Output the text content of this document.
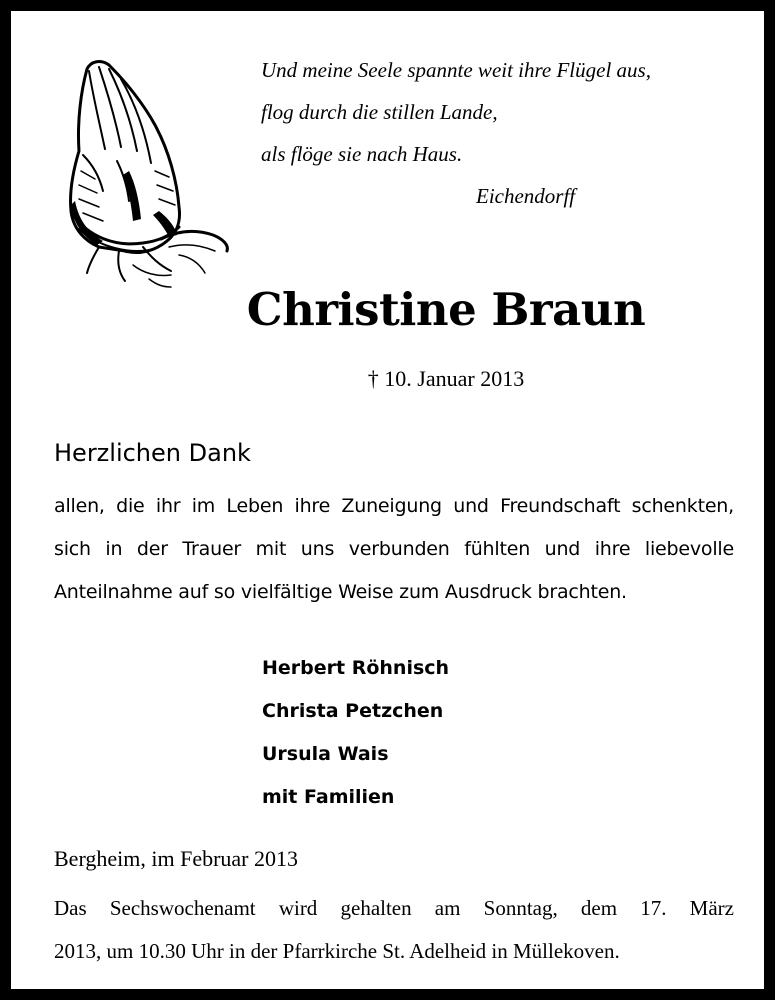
Und meine Seele spannte weit ihre Flügel aus,
flog durch die stillen Lande,
als flöge sie nach Haus.
Eichendorff
Christine Braun
† 10. Januar 2013
Herzlichen Dank
allen, die ihr im Leben ihre Zuneigung und Freundschaft schenkten,
sich in der Trauer mit uns verbunden fühlten und ihre liebevolle
Anteilnahme auf so vielfältige Weise zum Ausdruck brachten.
Herbert Röhnisch
Christa Petzchen
Ursula Wais
mit Familien
Bergheim, im Februar 2013
Das Sechswochenamt wird gehalten am Sonntag, dem 17. März
2013, um 10.30 Uhr in der Pfarrkirche St. Adelheid in Müllekoven.
